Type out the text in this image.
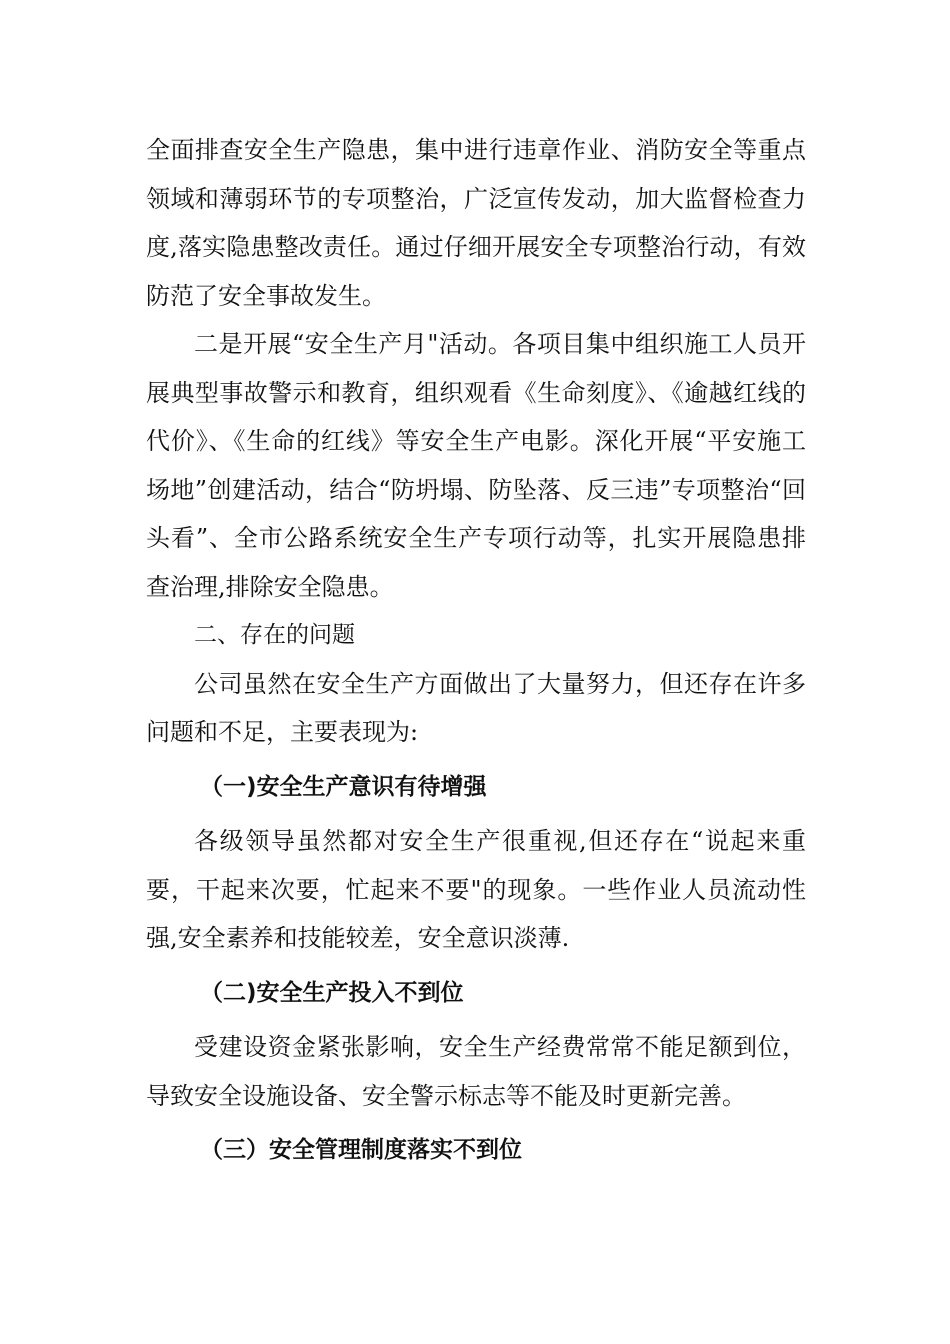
全面排查安全生产隐患，集中进行违章作业、消防安全等重点领域和薄弱环节的专项整治，广泛宣传发动，加大监督检查力度,落实隐患整改责任。通过仔细开展安全专项整治行动，有效防范了安全事故发生。

二是开展“安全生产月"活动。各项目集中组织施工人员开展典型事故警示和教育，组织观看《生命刻度》、《逾越红线的代价》、《生命的红线》等安全生产电影。深化开展“平安施工场地”创建活动，结合“防坍塌、防坠落、反三违”专项整治“回头看”、全市公路系统安全生产专项行动等，扎实开展隐患排查治理,排除安全隐患。

二、存在的问题

公司虽然在安全生产方面做出了大量努力，但还存在许多问题和不足，主要表现为:

（一)安全生产意识有待增强

各级领导虽然都对安全生产很重视,但还存在“说起来重要，干起来次要，忙起来不要"的现象。一些作业人员流动性强,安全素养和技能较差，安全意识淡薄.

（二)安全生产投入不到位

受建设资金紧张影响，安全生产经费常常不能足额到位，导致安全设施设备、安全警示标志等不能及时更新完善。

（三）安全管理制度落实不到位
